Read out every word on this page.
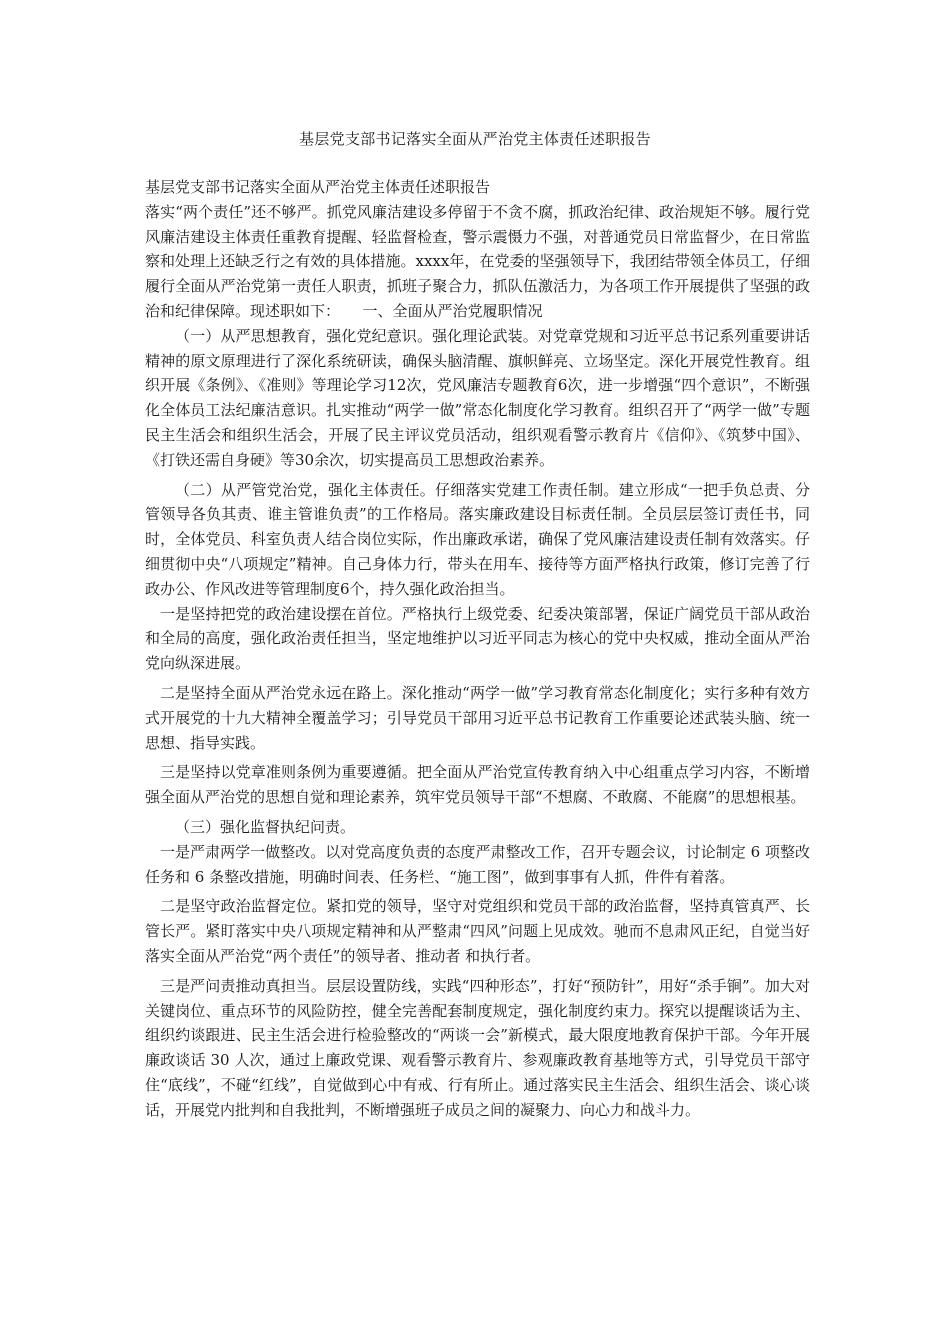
基层党支部书记落实全面从严治党主体责任述职报告

基层党支部书记落实全面从严治党主体责任述职报告

落实“两个责任”还不够严。抓党风廉洁建设多停留于不贪不腐，抓政治纪律、政治规矩不够。履行党风廉洁建设主体责任重教育提醒、轻监督检查，警示震慑力不强，对普通党员日常监督少，在日常监察和处理上还缺乏行之有效的具体措施。xxxx年，在党委的坚强领导下，我团结带领全体员工，仔细履行全面从严治党第一责任人职责，抓班子聚合力，抓队伍激活力，为各项工作开展提供了坚强的政治和纪律保障。现述职如下：　　一、全面从严治党履职情况

（一）从严思想教育，强化党纪意识。强化理论武装。对党章党规和习近平总书记系列重要讲话精神的原文原理进行了深化系统研读，确保头脑清醒、旗帜鲜亮、立场坚定。深化开展党性教育。组织开展《条例》、《准则》等理论学习12次，党风廉洁专题教育6次，进一步增强“四个意识”，不断强化全体员工法纪廉洁意识。扎实推动“两学一做”常态化制度化学习教育。组织召开了“两学一做”专题民主生活会和组织生活会，开展了民主评议党员活动，组织观看警示教育片《信仰》、《筑梦中国》、《打铁还需自身硬》等30余次，切实提高员工思想政治素养。

（二）从严管党治党，强化主体责任。仔细落实党建工作责任制。建立形成“一把手负总责、分管领导各负其责、谁主管谁负责”的工作格局。落实廉政建设目标责任制。全员层层签订责任书，同时，全体党员、科室负责人结合岗位实际，作出廉政承诺，确保了党风廉洁建设责任制有效落实。仔细贯彻中央“八项规定”精神。自己身体力行，带头在用车、接待等方面严格执行政策，修订完善了行政办公、作风改进等管理制度6个，持久强化政治担当。

一是坚持把党的政治建设摆在首位。严格执行上级党委、纪委决策部署，保证广阔党员干部从政治和全局的高度，强化政治责任担当，坚定地维护以习近平同志为核心的党中央权威，推动全面从严治党向纵深进展。

二是坚持全面从严治党永远在路上。深化推动“两学一做”学习教育常态化制度化；实行多种有效方式开展党的十九大精神全覆盖学习；引导党员干部用习近平总书记教育工作重要论述武装头脑、统一思想、指导实践。

三是坚持以党章准则条例为重要遵循。把全面从严治党宣传教育纳入中心组重点学习内容，不断增强全面从严治党的思想自觉和理论素养，筑牢党员领导干部“不想腐、不敢腐、不能腐”的思想根基。

（三）强化监督执纪问责。

一是严肃两学一做整改。以对党高度负责的态度严肃整改工作，召开专题会议，讨论制定 6 项整改任务和 6 条整改措施，明确时间表、任务栏、“施工图”，做到事事有人抓，件件有着落。

二是坚守政治监督定位。紧扣党的领导，坚守对党组织和党员干部的政治监督，坚持真管真严、长管长严。紧盯落实中央八项规定精神和从严整肃“四风”问题上见成效。驰而不息肃风正纪，自觉当好落实全面从严治党“两个责任”的领导者、推动者 和执行者。

三是严问责推动真担当。层层设置防线，实践“四种形态”，打好“预防针”，用好“杀手锏”。加大对关键岗位、重点环节的风险防控，健全完善配套制度规定，强化制度约束力。探究以提醒谈话为主、组织约谈跟进、民主生活会进行检验整改的“两谈一会”新模式，最大限度地教育保护干部。今年开展廉政谈话 30 人次，通过上廉政党课、观看警示教育片、参观廉政教育基地等方式，引导党员干部守住“底线”，不碰“红线”，自觉做到心中有戒、行有所止。通过落实民主生活会、组织生活会、谈心谈话，开展党内批判和自我批判，不断增强班子成员之间的凝聚力、向心力和战斗力。
